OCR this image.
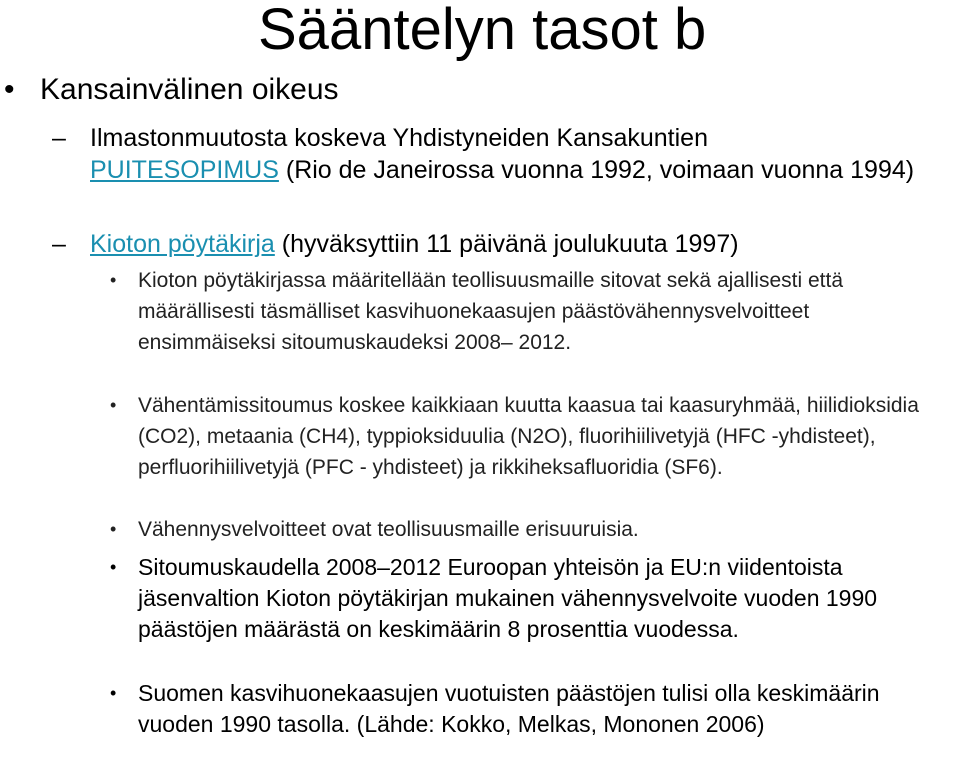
Sääntelyn tasot b
• Kansainvälinen oikeus
– Ilmastonmuutosta koskeva Yhdistyneiden Kansakuntien
PUITESOPIMUS (Rio de Janeirossa vuonna 1992, voimaan vuonna 1994)
– Kioton pöytäkirja (hyväksyttiin 11 päivänä joulukuuta 1997)
• Kioton pöytäkirjassa määritellään teollisuusmaille sitovat sekä ajallisesti että määrällisesti täsmälliset kasvihuonekaasujen päästövähennysvelvoitteet ensimmäiseksi sitoumuskaudeksi 2008– 2012.
• Vähentämissitoumus koskee kaikkiaan kuutta kaasua tai kaasuryhmää, hiilidioksidia (CO2), metaania (CH4), typpioksiduulia (N2O), fluorihiilivetyjä (HFC -yhdisteet), perfluorihiilivetyjä (PFC - yhdisteet) ja rikkiheksafluoridia (SF6).
• Vähennysvelvoitteet ovat teollisuusmaille erisuuruisia.
• Sitoumuskaudella 2008–2012 Euroopan yhteisön ja EU:n viidentoista jäsenvaltion Kioton pöytäkirjan mukainen vähennysvelvoite vuoden 1990 päästöjen määrästä on keskimäärin 8 prosenttia vuodessa.
• Suomen kasvihuonekaasujen vuotuisten päästöjen tulisi olla keskimäärin vuoden 1990 tasolla. (Lähde: Kokko, Melkas, Mononen 2006)
